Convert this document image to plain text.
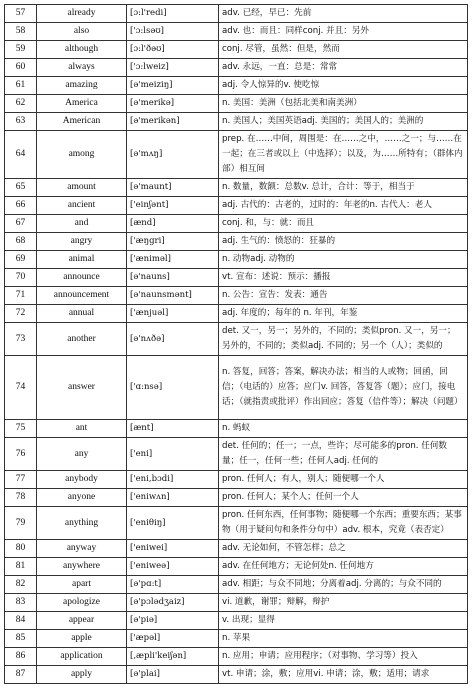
57	already	[ɔ:l'redi]	adv. 已经，早已：先前
58	also	['ɔ:lsəʊ]	adv. 也：而且：同样conj. 并且：另外
59	although	[ɔ:l'ðəʊ]	conj. 尽管，虽然：但是，然而
60	always	['ɔ:lweiz]	adv. 永远，一直：总是：常常
61	amazing	[ə'meiziŋ]	adj. 令人惊异的v. 使吃惊
62	America	[ə'merikə]	n. 美国：美洲（包括北美和南美洲）
63	American	[ə'merikən]	n. 美国人；美国英语adj. 美国的；美国人的；美洲的
64	among	[ə'mʌŋ]	prep. 在……中间，周围是：在……之中，……之一；与……在一起；在三者或以上（中选择）；以及，为……所特有；（群体内部）相互间
65	amount	[ə'maunt]	n. 数量，数额：总数v. 总计，合计：等于，相当于
66	ancient	['einʃənt]	adj. 古代的：古老的，过时的：年老的n. 古代人：老人
67	and	[ænd]	conj. 和，与：就：而且
68	angry	['æŋgri]	adj. 生气的：愤怒的：狂暴的
69	animal	['æniməl]	n. 动物adj. 动物的
70	announce	[ə'nauns]	vt. 宣布：述说：预示：播报
71	announcement	[ə'naunsmənt]	n. 公告：宣告：发表：通告
72	annual	['ænjuəl]	adj. 年度的；每年的 n. 年刊，年鉴
73	another	[ə'nʌðə]	det. 又一，另一；另外的，不同的；类似pron. 又一，另一；另外的，不同的；类似adj. 不同的；另一个（人）；类似的
74	answer	['ɑ:nsə]	n. 答复，回答；答案，解决办法；相当的人或物；回函，回信；（电话的）应答；应门v. 回答，答复答（题）；应门，接电话；（就指责或批评）作出回应；答复（信件等）；解决（问题）
75	ant	[ænt]	n. 蚂蚁
76	any	['eni]	det. 任何的；任一；一点，些许；尽可能多的pron. 任何数量；任一，任何一些；任何人adj. 任何的
77	anybody	['eni,bɔdi]	pron. 任何人；有人，别人；随便哪一个人
78	anyone	['eniwʌn]	pron. 任何人；某个人；任何一个人
79	anything	['eniθiŋ]	pron. 任何东西，任何事物；随便哪一个东西；重要东西；某事物（用于疑问句和条件分句中）adv. 根本，究竟（表否定）
80	anyway	['eniwei]	adv. 无论如何，不管怎样；总之
81	anywhere	['eniweə]	adv. 在任何地方；无论何处n. 任何地方
82	apart	[ə'pɑ:t]	adv. 相距；与众不同地；分离着adj. 分离的；与众不同的
83	apologize	[ə'pɔlədʒaiz]	vi. 道歉，谢罪；辩解，辩护
84	appear	[ə'piə]	v. 出现；显得
85	apple	['æpəl]	n. 苹果
86	application	[,æpli'keiʃən]	n. 应用；申请；应用程序；（对事物、学习等）投入
87	apply	[ə'plai]	vt. 申请；涂，敷；应用vi. 申请；涂，敷；适用；请求
